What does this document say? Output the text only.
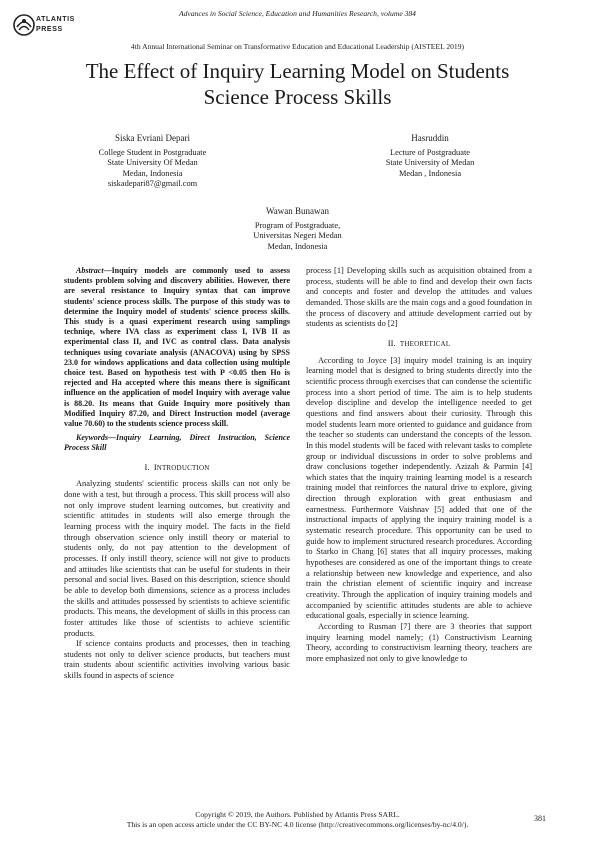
ATLANTIS
PRESS
Advances in Social Science, Education and Humanities Research, volume 384
4th Annual International Seminar on Transformative Education and Educational Leadership (AISTEEL 2019)
The Effect of Inquiry Learning Model on Students
Science Process Skills
Siska Evriani Depari
College Student in Postgraduate
State University Of Medan
Medan, Indonesia
siskadepari87@gmail.com
Hasruddin
Lecture of Postgraduate
State University of Medan
Medan , Indonesia
Wawan Bunawan
Program of Postgraduate,
Universitas Negeri Medan
Medan, Indonesia
Abstract—Inquiry models are commonly used to assess students problem solving and discovery abilities. However, there are several resistance to Inquiry syntax that can improve students' science process skills. The purpose of this study was to determine the Inquiry model of students' science process skills. This study is a quasi experiment research using samplings techniqe, where IVA class as experiment class I, IVB II as experimental class II, and IVC as control class. Data analysis techniques using covariate analysis (ANACOVA) using by SPSS 23.0 for windows applications and data collection using multiple choice test. Based on hypothesis test with P <0.05 then Ho is rejected and Ha accepted where this means there is significant influence on the application of model Inquiry with average value is 88.20. Its means that Guide Inquiry more positively than Modified Inquiry 87.20, and Direct Instruction model (average value 70.60) to the students science process skill.
Keywords—Inquiry Learning, Direct Instruction, Science Process Skill
I. INTRODUCTION

Analyzing students' scientific process skills can not only be done with a test, but through a process. This skill process will also not only improve student learning outcomes, but creativity and scientific attitudes in students will also emerge through the learning process with the inquiry model. The facts in the field through observation science only instill theory or material to students only, do not pay attention to the development of processes. If only instill theory, science will not give to products and attitudes like scientists that can be useful for students in their personal and social lives. Based on this description, science should be able to develop both dimensions, science as a process includes the skills and attitudes possessed by scientists to achieve scientific products. This means, the development of skills in this process can foster attitudes like those of scientists to achieve scientific products.

If science contains products and processes, then in teaching students not only to deliver science products, but teachers must train students about scientific activities involving various basic skills found in aspects of science

process [1] Developing skills such as acquisition obtained from a process, students will be able to find and develop their own facts and concepts and foster and develop the attitudes and values demanded. Those skills are the main cogs and a good foundation in the process of discovery and attitude development carried out by students as scientists do [2]

II. THEORETICAL

According to Joyce [3] inquiry model training is an inquiry learning model that is designed to bring students directly into the scientific process through exercises that can condense the scientific process into a short period of time. The aim is to help students develop discipline and develop the intelligence needed to get questions and find answers about their curiosity. Through this model students learn more oriented to guidance and guidance from the teacher so students can understand the concepts of the lesson. In this model students will be faced with relevant tasks to complete group or individual discussions in order to solve problems and draw conclusions together independently. Azizah & Parmin [4] which states that the inquiry training learning model is a research training model that reinforces the natural drive to explore, giving direction through exploration with great enthusiasm and earnestness. Furthermore Vaishnav [5] added that one of the instructional impacts of applying the inquiry training model is a systematic research procedure. This opportunity can be used to guide how to implement structured research procedures. According to Starko in Chang [6] states that all inquiry processes, making hypotheses are considered as one of the important things to create a relationship between new knowledge and experience, and also train the christian element of scientific inquiry and increase creativity. Through the application of inquiry training models and accompanied by scientific attitudes students are able to achieve educational goals, especially in science learning.

According to Rusman [7] there are 3 theories that support inquiry learning model namely; (1) Constructivism Learning Theory, according to constructivism learning theory, teachers are more emphasized not only to give knowledge to

Copyright © 2019, the Authors. Published by Atlantis Press SARL.
This is an open access article under the CC BY-NC 4.0 license (http://creativecommons.org/licenses/by-nc/4.0/).
381
